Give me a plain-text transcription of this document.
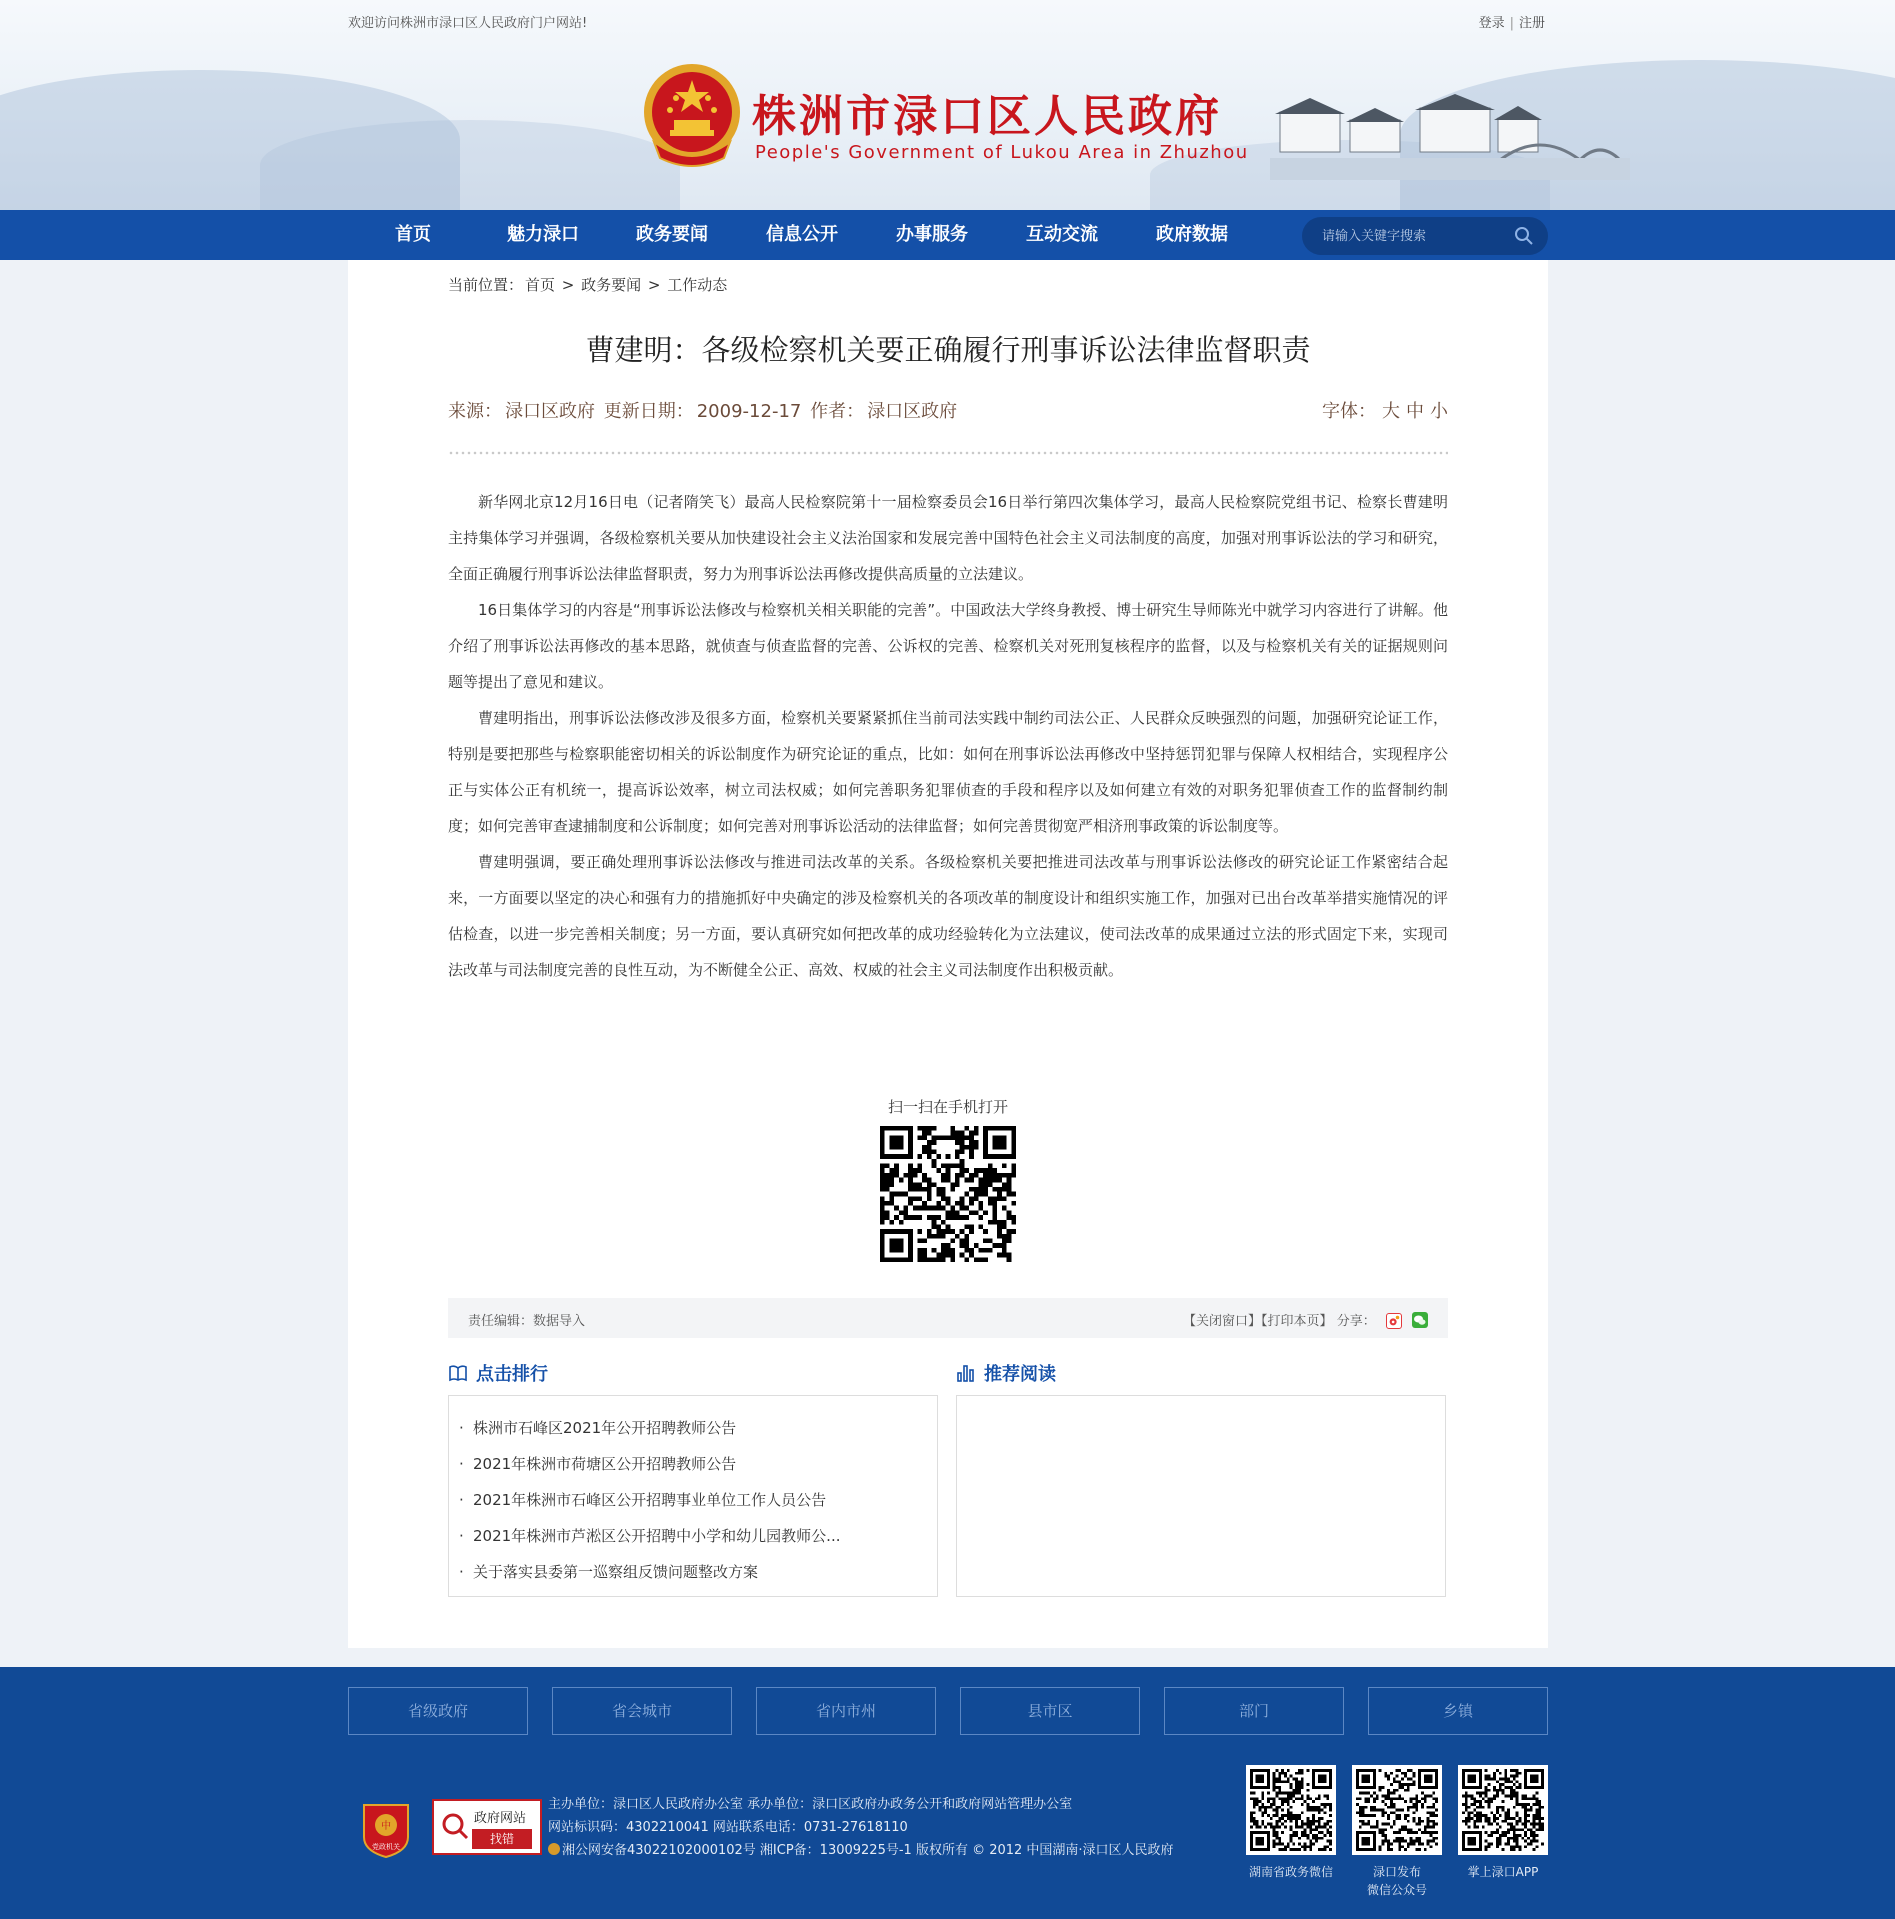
欢迎访问株洲市渌口区人民政府门户网站!	登录 | 注册
株洲市渌口区人民政府
People's Government of Lukou Area in Zhuzhou
首页	魅力渌口	政务要闻	信息公开	办事服务	互动交流	政府数据
请输入关键字搜索
当前位置： 首页 > 政务要闻 > 工作动态
曹建明：各级检察机关要正确履行刑事诉讼法律监督职责
来源： 渌口区政府 更新日期： 2009-12-17 作者： 渌口区政府	字体： 大 中 小

新华网北京12月16日电（记者隋笑飞）最高人民检察院第十一届检察委员会16日举行第四次集体学习，最高人民检察院党组书记、检察长曹建明主持集体学习并强调，各级检察机关要从加快建设社会主义法治国家和发展完善中国特色社会主义司法制度的高度，加强对刑事诉讼法的学习和研究，全面正确履行刑事诉讼法律监督职责，努力为刑事诉讼法再修改提供高质量的立法建议。

16日集体学习的内容是“刑事诉讼法修改与检察机关相关职能的完善”。中国政法大学终身教授、博士研究生导师陈光中就学习内容进行了讲解。他介绍了刑事诉讼法再修改的基本思路，就侦查与侦查监督的完善、公诉权的完善、检察机关对死刑复核程序的监督，以及与检察机关有关的证据规则问题等提出了意见和建议。

曹建明指出，刑事诉讼法修改涉及很多方面，检察机关要紧紧抓住当前司法实践中制约司法公正、人民群众反映强烈的问题，加强研究论证工作，特别是要把那些与检察职能密切相关的诉讼制度作为研究论证的重点，比如：如何在刑事诉讼法再修改中坚持惩罚犯罪与保障人权相结合，实现程序公正与实体公正有机统一，提高诉讼效率，树立司法权威；如何完善职务犯罪侦查的手段和程序以及如何建立有效的对职务犯罪侦查工作的监督制约制度；如何完善审查逮捕制度和公诉制度；如何完善对刑事诉讼活动的法律监督；如何完善贯彻宽严相济刑事政策的诉讼制度等。

曹建明强调，要正确处理刑事诉讼法修改与推进司法改革的关系。各级检察机关要把推进司法改革与刑事诉讼法修改的研究论证工作紧密结合起来，一方面要以坚定的决心和强有力的措施抓好中央确定的涉及检察机关的各项改革的制度设计和组织实施工作，加强对已出台改革举措实施情况的评估检查，以进一步完善相关制度；另一方面，要认真研究如何把改革的成功经验转化为立法建议，使司法改革的成果通过立法的形式固定下来，实现司法改革与司法制度完善的良性互动，为不断健全公正、高效、权威的社会主义司法制度作出积极贡献。

扫一扫在手机打开
责任编辑：数据导入	【关闭窗口】【打印本页】 分享：
点击排行
· 株洲市石峰区2021年公开招聘教师公告
· 2021年株洲市荷塘区公开招聘教师公告
· 2021年株洲市石峰区公开招聘事业单位工作人员公告
· 2021年株洲市芦淞区公开招聘中小学和幼儿园教师公...
· 关于落实县委第一巡察组反馈问题整改方案
推荐阅读
省级政府	省会城市	省内市州	县市区	部门	乡镇
中
党政机关
政府网站
找错
主办单位：渌口区人民政府办公室 承办单位：渌口区政府办政务公开和政府网站管理办公室
网站标识码：4302210041 网站联系电话：0731-27618110
湘公网安备43022102000102号 湘ICP备：13009225号-1 版权所有 © 2012 中国湖南·渌口区人民政府
湖南省政务微信	渌口发布
微信公众号
掌上渌口APP
